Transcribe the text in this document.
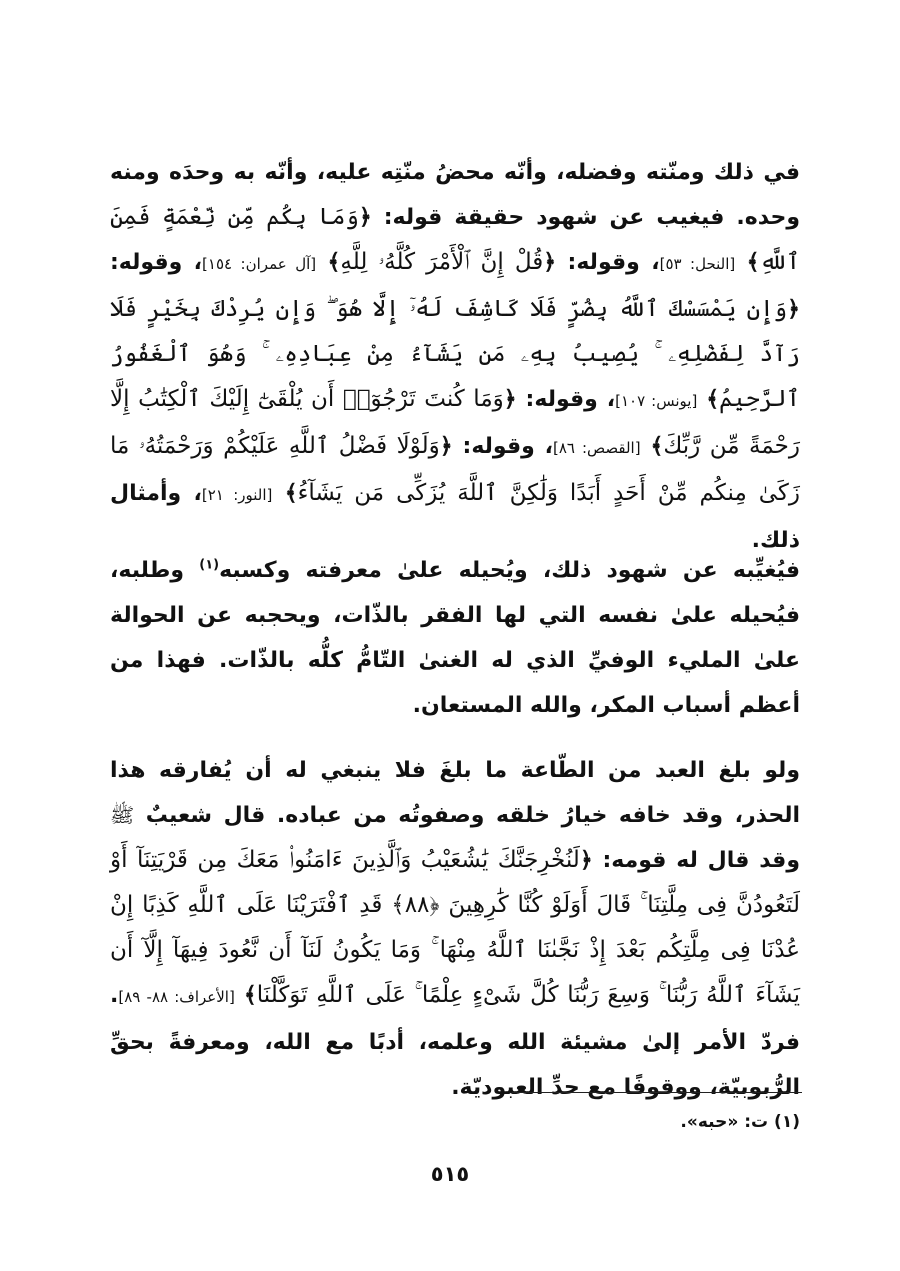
في ذلك ومنّته وفضله، وأنّه محضُ منّتِه عليه، وأنّه به وحدَه ومنه وحده. فيغيب عن شهود حقيقة قوله: ﴿وَمَا بِكُم مِّن نِّعْمَةٍ فَمِنَ ٱللَّهِ﴾ [النحل: ٥٣]، وقوله: ﴿قُلْ إِنَّ ٱلْأَمْرَ كُلَّهُۥ لِلَّهِ﴾ [آل عمران: ١٥٤]، وقوله: ﴿وَإِن يَمْسَسْكَ ٱللَّهُ بِضُرٍّ فَلَا كَاشِفَ لَهُۥٓ إِلَّا هُوَ ۖ وَإِن يُرِدْكَ بِخَيْرٍ فَلَا رَآدَّ لِفَضْلِهِۦ ۚ يُصِيبُ بِهِۦ مَن يَشَآءُ مِنْ عِبَادِهِۦ ۚ وَهُوَ ٱلْغَفُورُ ٱلرَّحِيمُ﴾ [يونس: ١٠٧]، وقوله: ﴿وَمَا كُنتَ تَرْجُوٓا۟ أَن يُلْقَىٰٓ إِلَيْكَ ٱلْكِتَٰبُ إِلَّا رَحْمَةً مِّن رَّبِّكَ﴾ [القصص: ٨٦]، وقوله: ﴿وَلَوْلَا فَضْلُ ٱللَّهِ عَلَيْكُمْ وَرَحْمَتُهُۥ مَا زَكَىٰ مِنكُم مِّنْ أَحَدٍ أَبَدًا وَلَٰكِنَّ ٱللَّهَ يُزَكِّى مَن يَشَآءُ﴾ [النور: ٢١]، وأمثال ذلك.

فيُغيِّبه عن شهود ذلك، ويُحيله علىٰ معرفته وكسبه$^{(١)}$ وطلبه، فيُحيله علىٰ نفسه التي لها الفقر بالذّات، ويحجبه عن الحوالة علىٰ المليء الوفيِّ الذي له الغنىٰ التّامُّ كلُّه بالذّات. فهذا من أعظم أسباب المكر، والله المستعان.

ولو بلغ العبد من الطّاعة ما بلغَ فلا ينبغي له أن يُفارقه هذا الحذر، وقد خافه خيارُ خلقه وصفوتُه من عباده. قال شعيبٌ ﷺ وقد قال له قومه: ﴿لَنُخْرِجَنَّكَ يَٰشُعَيْبُ وَٱلَّذِينَ ءَامَنُوا۟ مَعَكَ مِن قَرْيَتِنَآ أَوْ لَتَعُودُنَّ فِى مِلَّتِنَا ۚ قَالَ أَوَلَوْ كُنَّا كَٰرِهِينَ ﴿٨٨﴾ قَدِ ٱفْتَرَيْنَا عَلَى ٱللَّهِ كَذِبًا إِنْ عُدْنَا فِى مِلَّتِكُم بَعْدَ إِذْ نَجَّىٰنَا ٱللَّهُ مِنْهَا ۚ وَمَا يَكُونُ لَنَآ أَن نَّعُودَ فِيهَآ إِلَّآ أَن يَشَآءَ ٱللَّهُ رَبُّنَا ۚ وَسِعَ رَبُّنَا كُلَّ شَىْءٍ عِلْمًا ۚ عَلَى ٱللَّهِ تَوَكَّلْنَا﴾ [الأعراف: ٨٨- ٨٩]. فردّ الأمر إلىٰ مشيئة الله وعلمه، أدبًا مع الله، ومعرفةً بحقِّ الرُّبوبيّة، ووقوفًا مع حدِّ العبوديّة.

(١) ت: «حبه».
٥١٥
